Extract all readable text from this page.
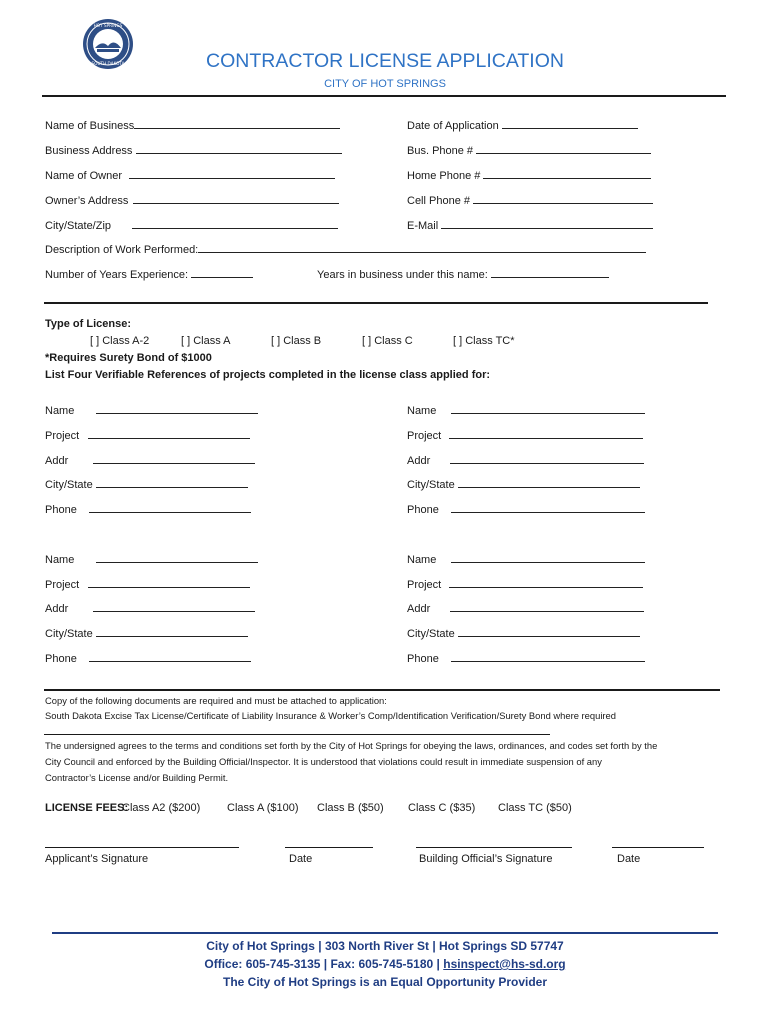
HOT SPRINGS
SOUTH DAKOTA	CONTRACTOR LICENSE APPLICATION
CITY OF HOT SPRINGS
Name of Business	Date of Application
Business Address	Bus. Phone #
Name of Owner	Home Phone #
Owner’s Address	Cell Phone #
City/State/Zip	E-Mail
Description of Work Performed:
Number of Years Experience:	Years in business under this name:
Type of License:
[ ] Class A-2	[ ] Class A	[ ] Class B	[ ] Class C	[ ] Class TC*
*Requires Surety Bond of $1000
List Four Verifiable References of projects completed in the license class applied for:
Name	Name
Project	Project
Addr	Addr
City/State	City/State
Phone	Phone
Name	Name
Project	Project
Addr	Addr
City/State	City/State
Phone	Phone
Copy of the following documents are required and must be attached to application:
South Dakota Excise Tax License/Certificate of Liability Insurance & Worker’s Comp/Identification Verification/Surety Bond where required
The undersigned agrees to the terms and conditions set forth by the City of Hot Springs for obeying the laws, ordinances, and codes set forth by the
City Council and enforced by the Building Official/Inspector. It is understood that violations could result in immediate suspension of any
Contractor’s License and/or Building Permit.
LICENSE FEES:
Class A2 ($200) Class A ($100) Class B ($50) Class C ($35) Class TC ($50)
Applicant’s Signature	Date	Building Official’s Signature	Date
City of Hot Springs | 303 North River St | Hot Springs SD 57747
Office: 605-745-3135 | Fax: 605-745-5180 | hsinspect@hs-sd.org
The City of Hot Springs is an Equal Opportunity Provider
